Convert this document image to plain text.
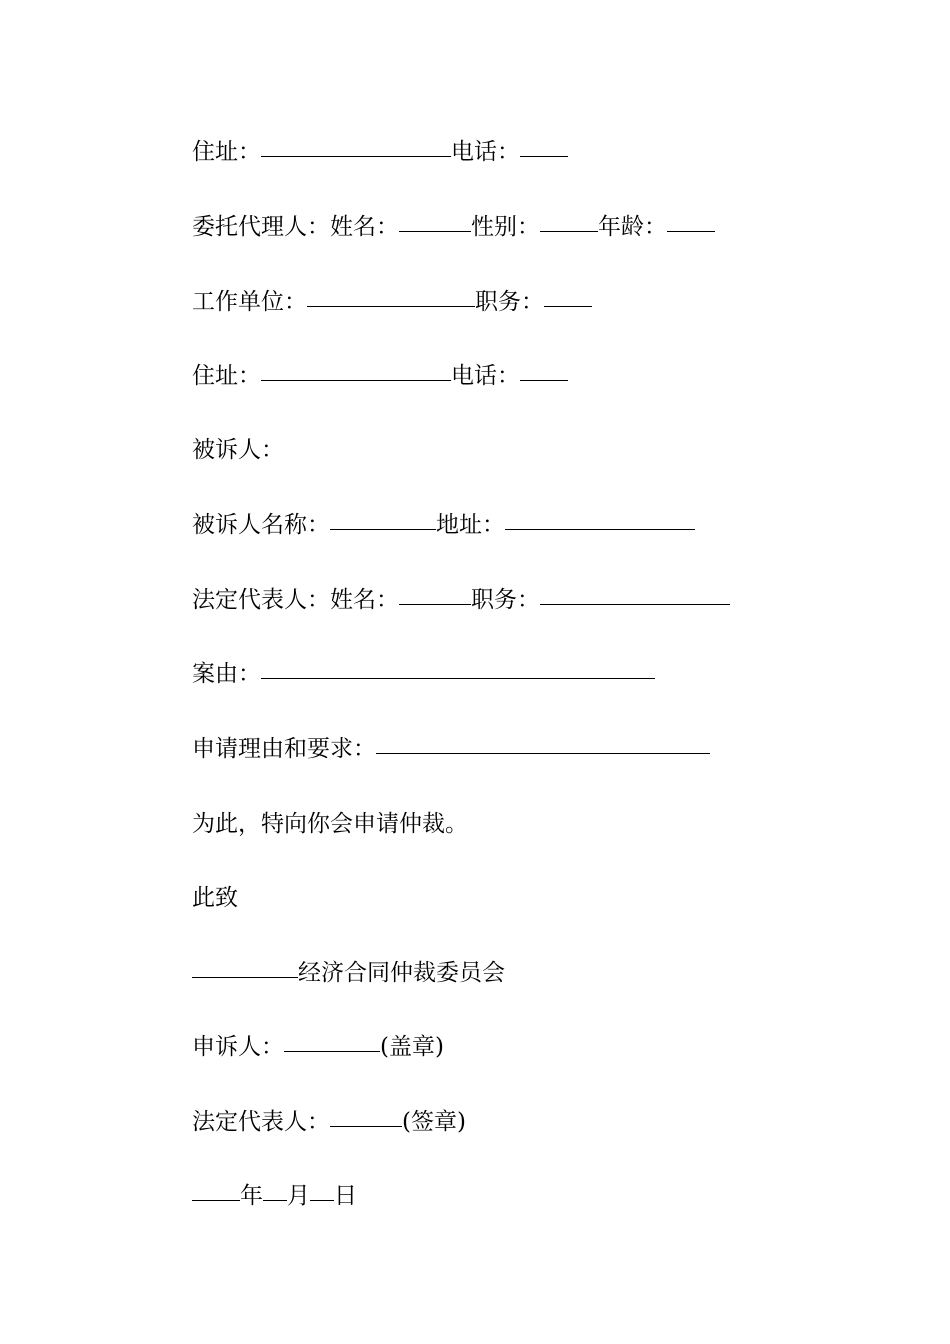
住址：	电话：
委托代理人：姓名：	性别：	年龄：
工作单位：	职务：
住址：	电话：
被诉人：
被诉人名称：	地址：
法定代表人：姓名：	职务：
案由：
申请理由和要求：
为此，特向你会申请仲裁。
此致
经济合同仲裁委员会
申诉人：	(盖章)
法定代表人：	(签章)
年 月 日
